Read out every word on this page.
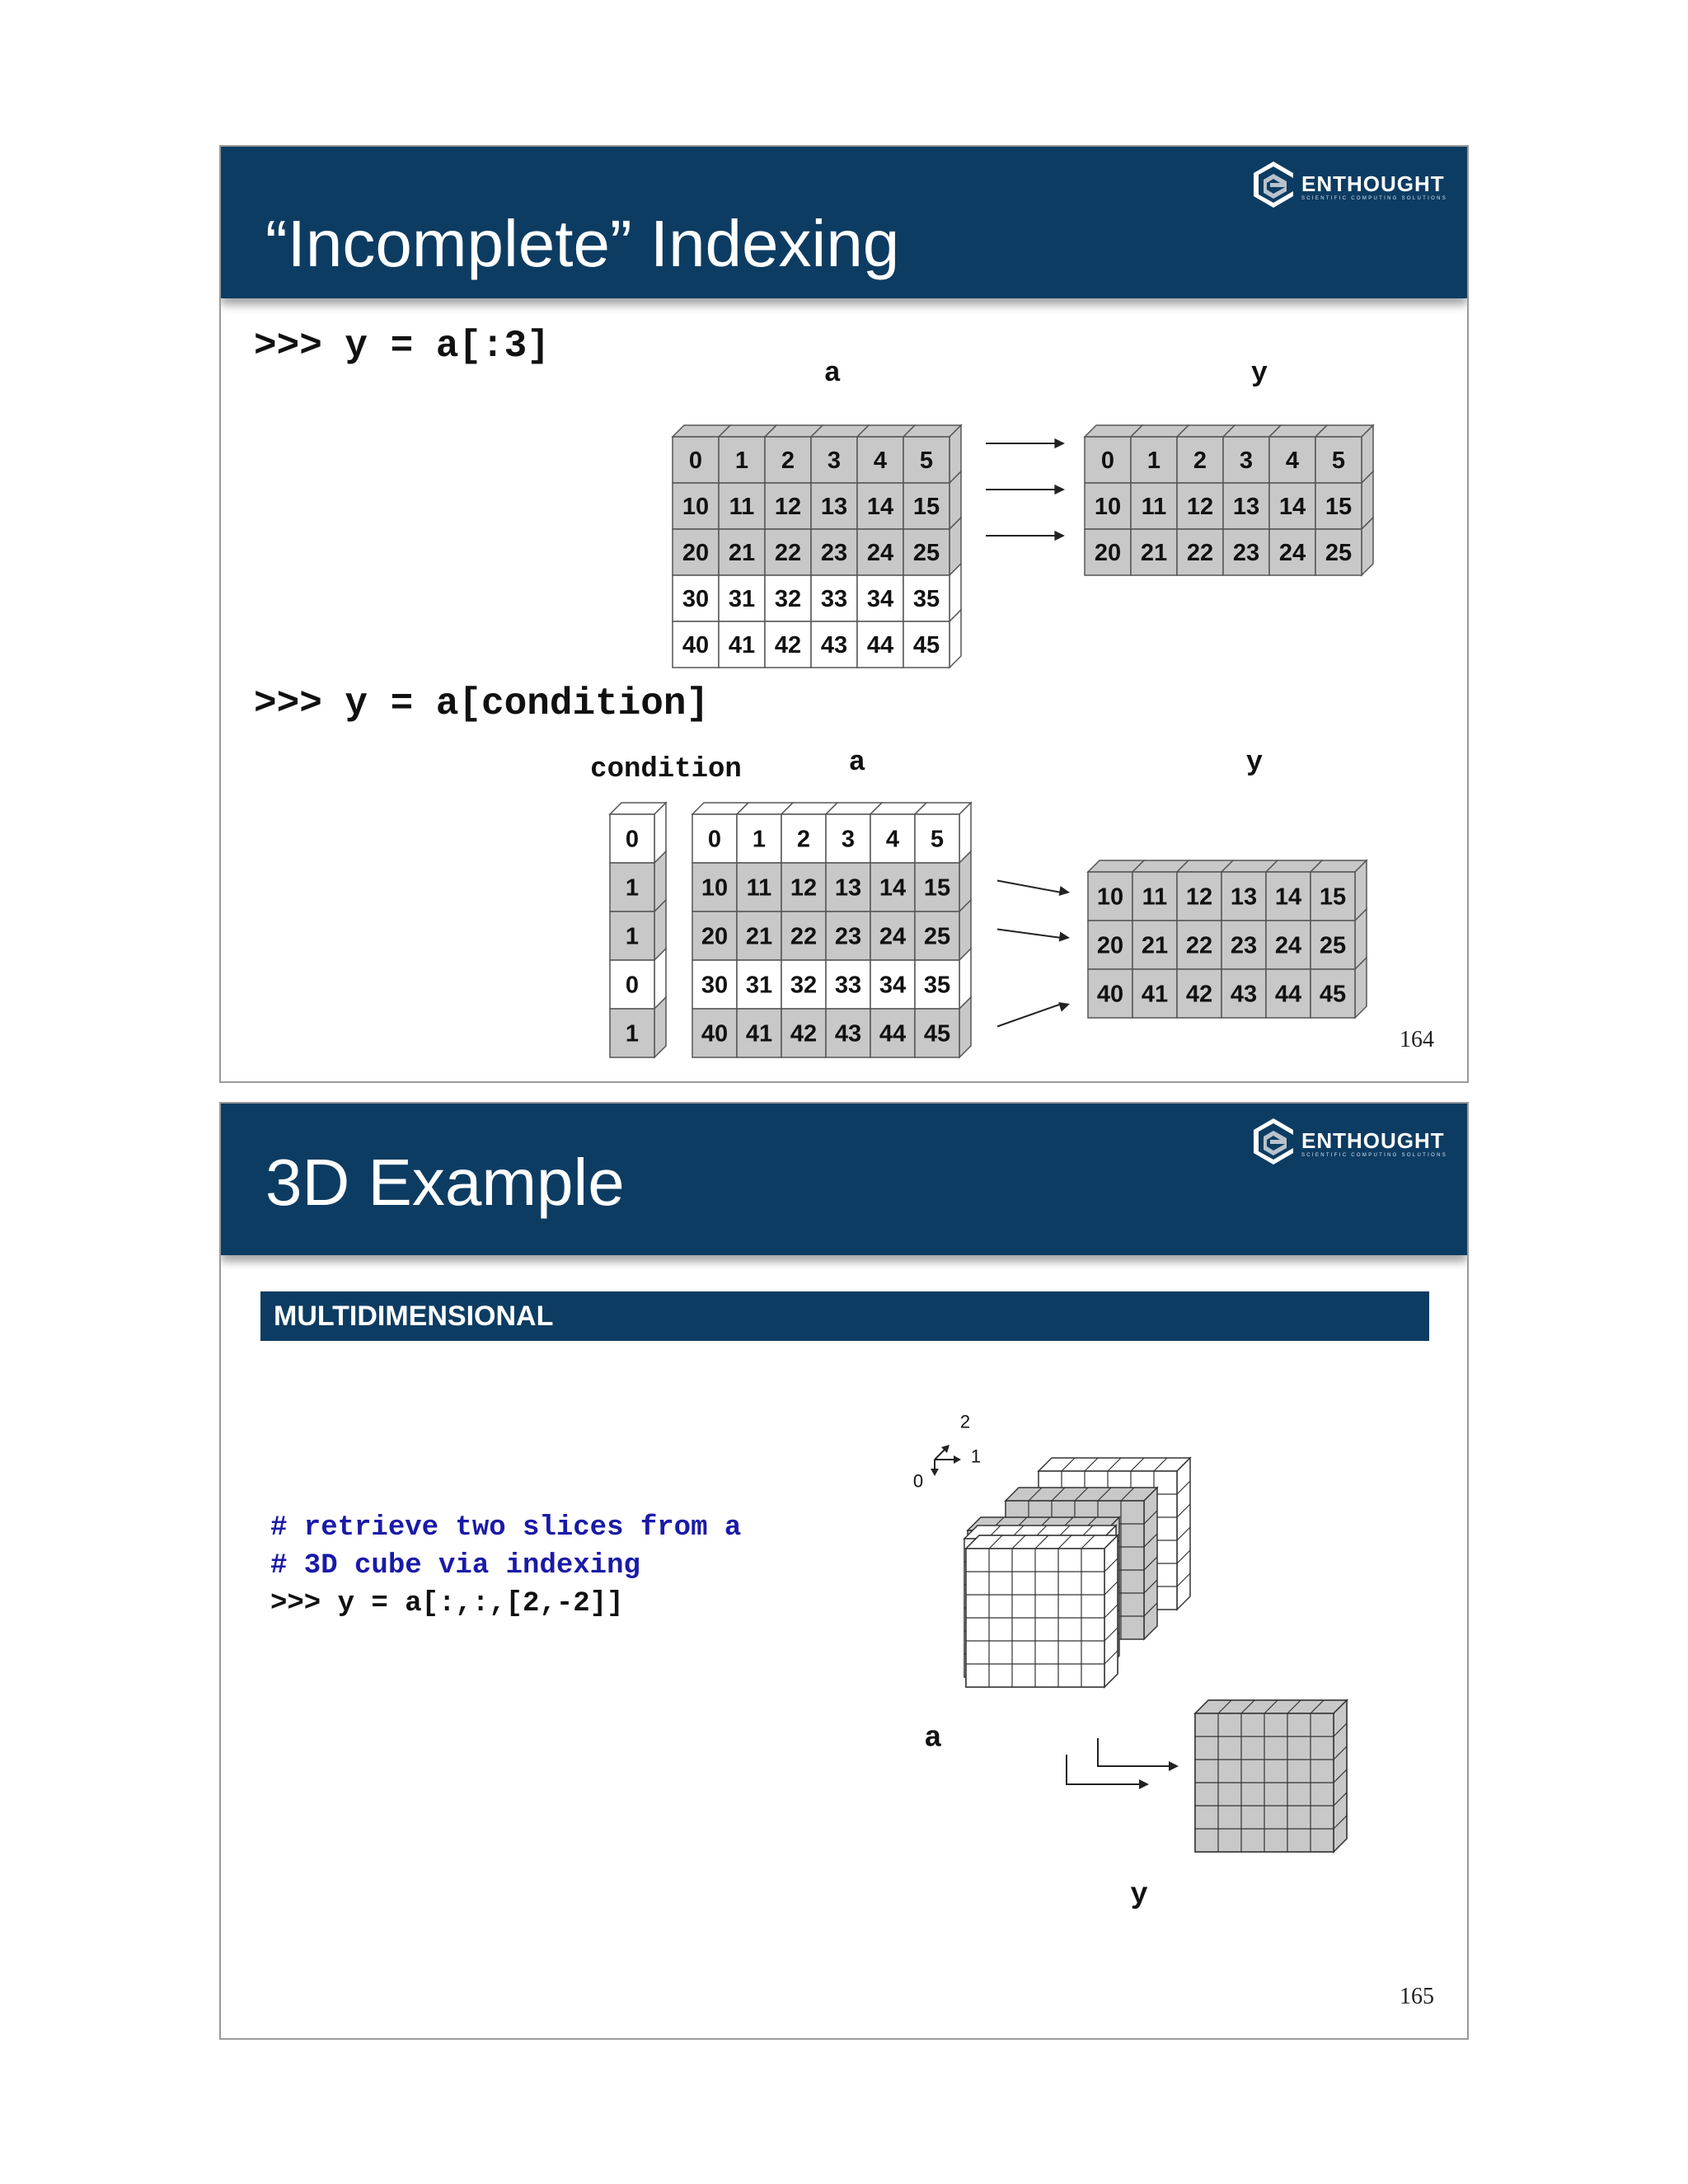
ENTHOUGHT
SCIENTIFIC COMPUTING SOLUTIONS
“Incomplete” Indexing
>>> y = a[:3]
>>> y = a[condition]
a	y
0 1 2 3 4 5
10 11 12 13 14 15
20 21 22 23 24 25
30 31 32 33 34 35
40 41 42 43 44 45
0 1 2 3 4 5
10 11 12 13 14 15
20 21 22 23 24 25
condition	a	y
0
1
1
0
1
0 1 2 3 4 5
10 11 12 13 14 15
20 21 22 23 24 25
30 31 32 33 34 35
40 41 42 43 44 45
10 11 12 13 14 15
20 21 22 23 24 25
40 41 42 43 44 45
164
ENTHOUGHT
SCIENTIFIC COMPUTING SOLUTIONS
3D Example
MULTIDIMENSIONAL
# retrieve two slices from a
# 3D cube via indexing
>>> y = a[:,:,[2,-2]]
0
1
2
a
y
165
